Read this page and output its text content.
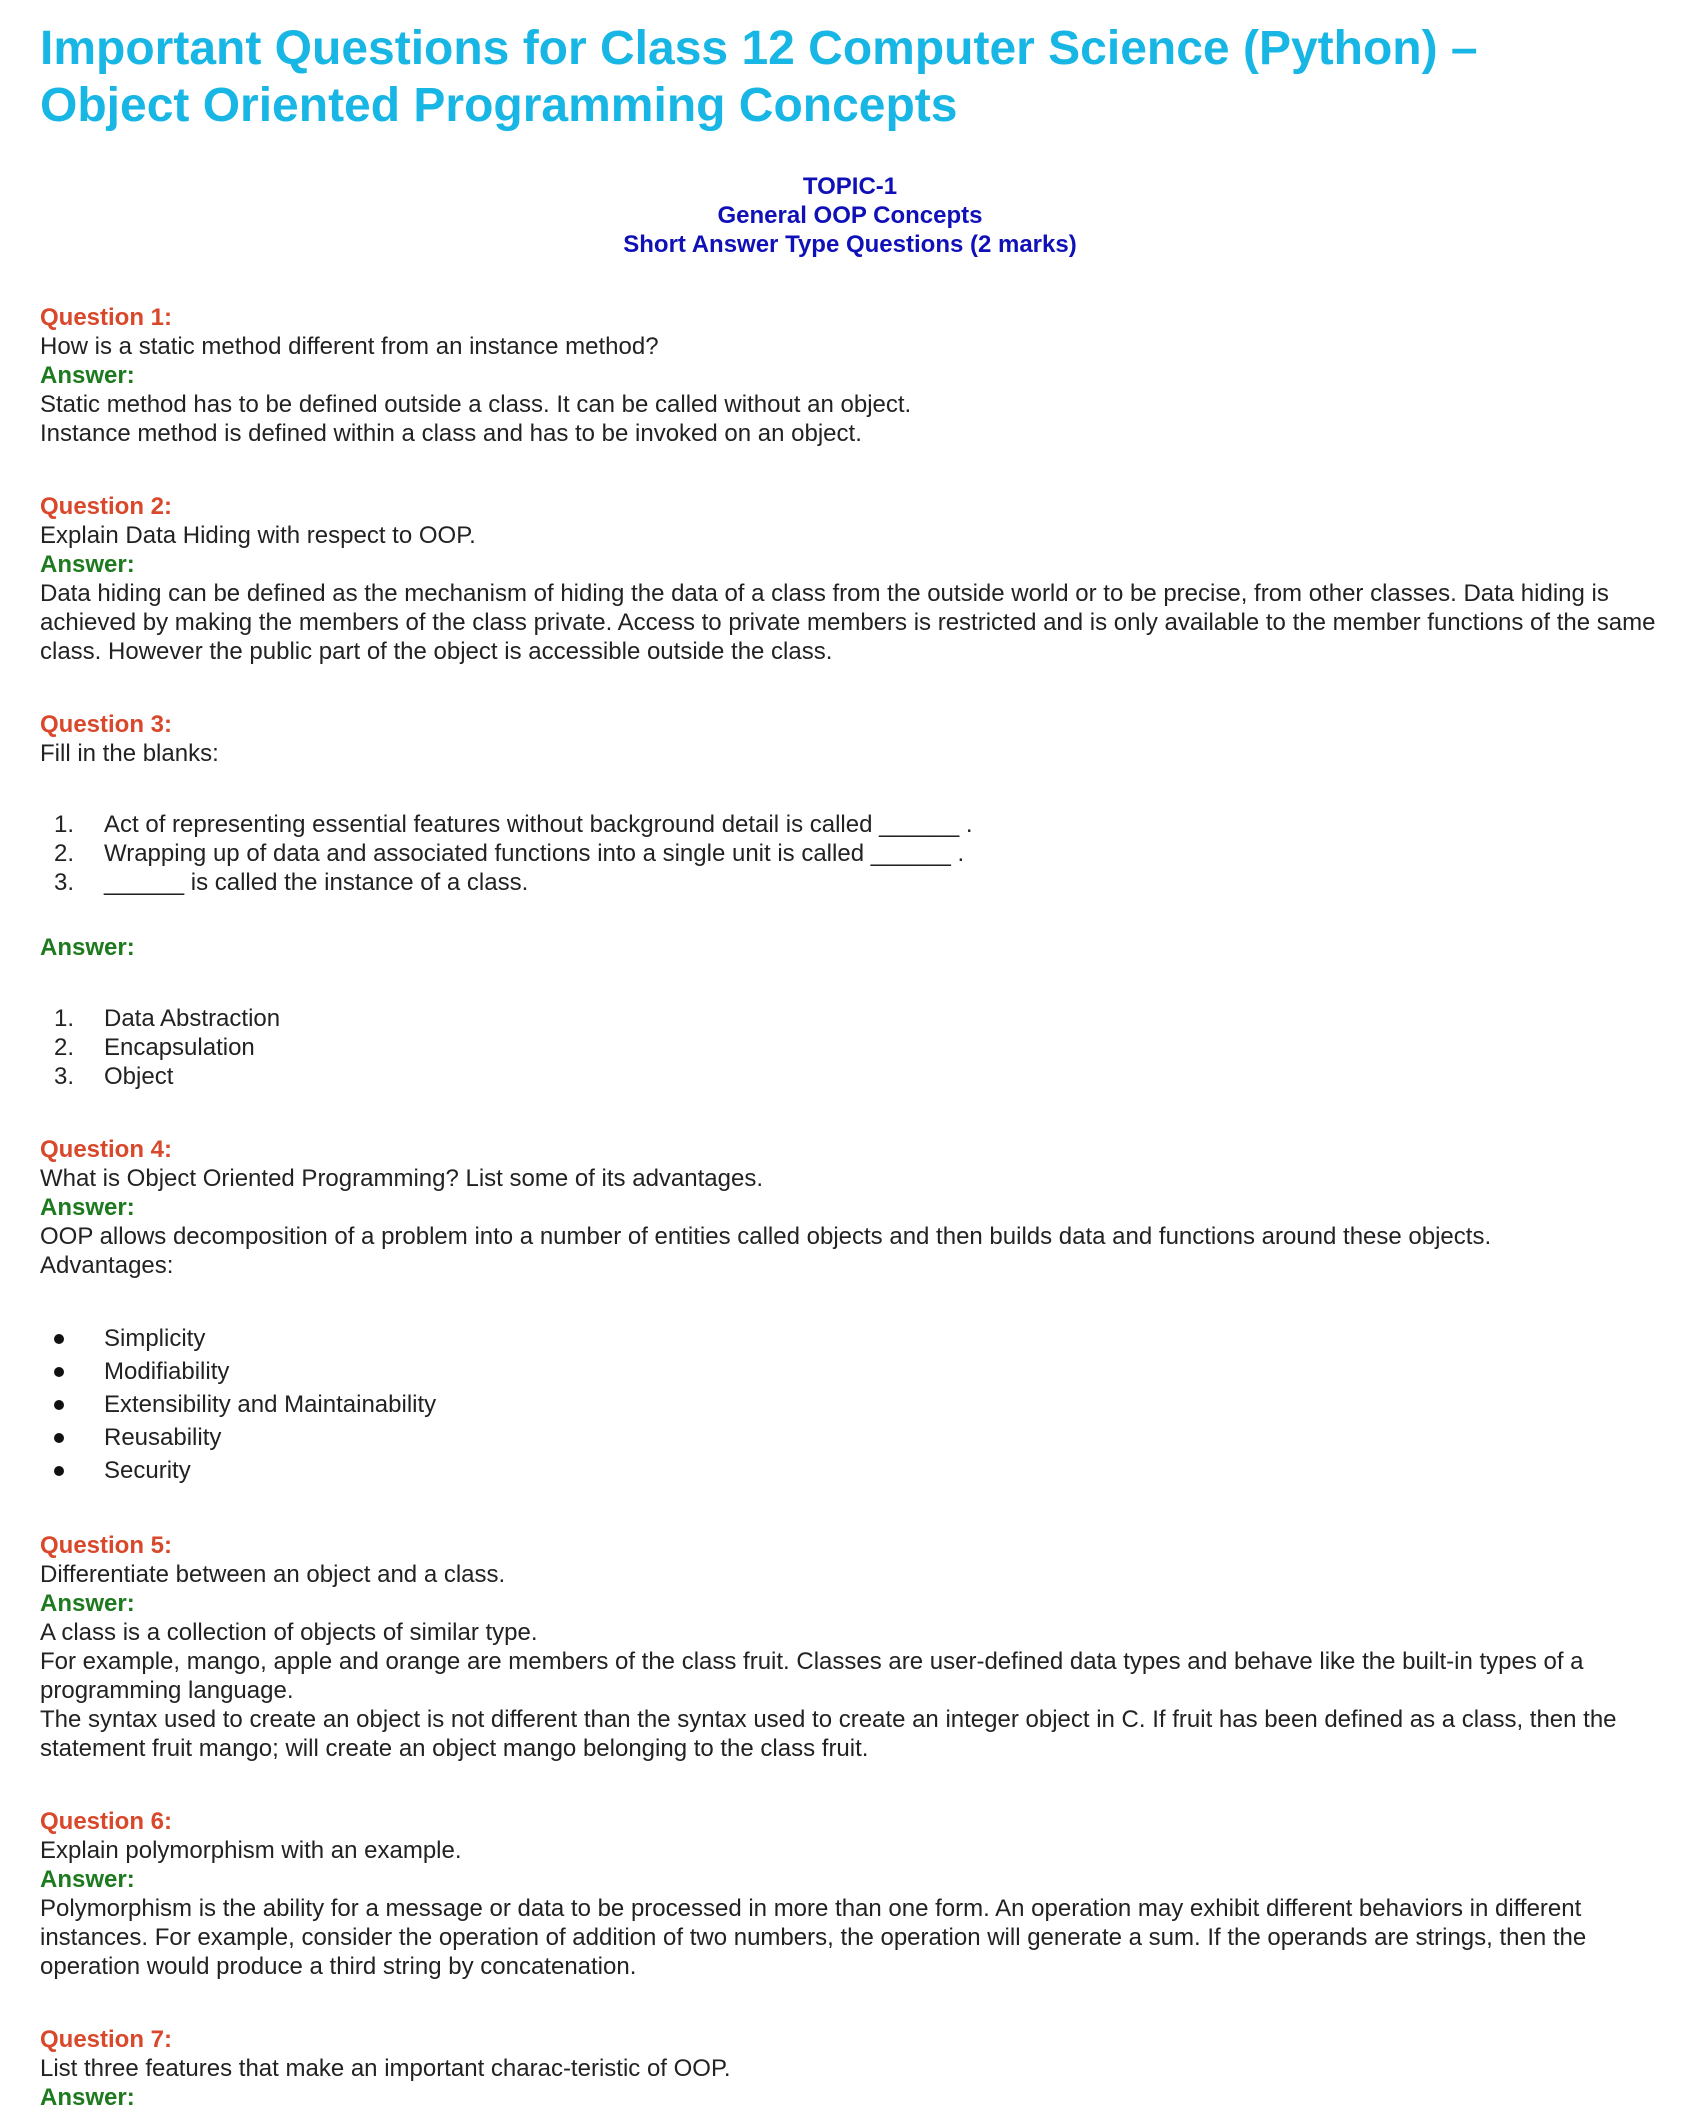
Important Questions for Class 12 Computer Science (Python) –
Object Oriented Programming Concepts
TOPIC-1
General OOP Concepts
Short Answer Type Questions (2 marks)
Question 1:
How is a static method different from an instance method?
Answer:
Static method has to be defined outside a class. It can be called without an object.
Instance method is defined within a class and has to be invoked on an object.
Question 2:
Explain Data Hiding with respect to OOP.
Answer:
Data hiding can be defined as the mechanism of hiding the data of a class from the outside world or to be precise, from other classes. Data hiding is achieved by making the members of the class private. Access to private members is restricted and is only available to the member functions of the same class. However the public part of the object is accessible outside the class.
Question 3:
Fill in the blanks:
1. Act of representing essential features without background detail is called ______ .
2. Wrapping up of data and associated functions into a single unit is called ______ .
3. ______ is called the instance of a class.
Answer:
1. Data Abstraction
2. Encapsulation
3. Object
Question 4:
What is Object Oriented Programming? List some of its advantages.
Answer:
OOP allows decomposition of a problem into a number of entities called objects and then builds data and functions around these objects.
Advantages:
Simplicity
Modifiability
Extensibility and Maintainability
Reusability
Security
Question 5:
Differentiate between an object and a class.
Answer:
A class is a collection of objects of similar type.
For example, mango, apple and orange are members of the class fruit. Classes are user-defined data types and behave like the built-in types of a programming language.
The syntax used to create an object is not different than the syntax used to create an integer object in C. If fruit has been defined as a class, then the statement fruit mango; will create an object mango belonging to the class fruit.
Question 6:
Explain polymorphism with an example.
Answer:
Polymorphism is the ability for a message or data to be processed in more than one form. An operation may exhibit different behaviors in different instances. For example, consider the operation of addition of two numbers, the operation will generate a sum. If the operands are strings, then the operation would produce a third string by concatenation.
Question 7:
List three features that make an important charac-teristic of OOP.
Answer:
